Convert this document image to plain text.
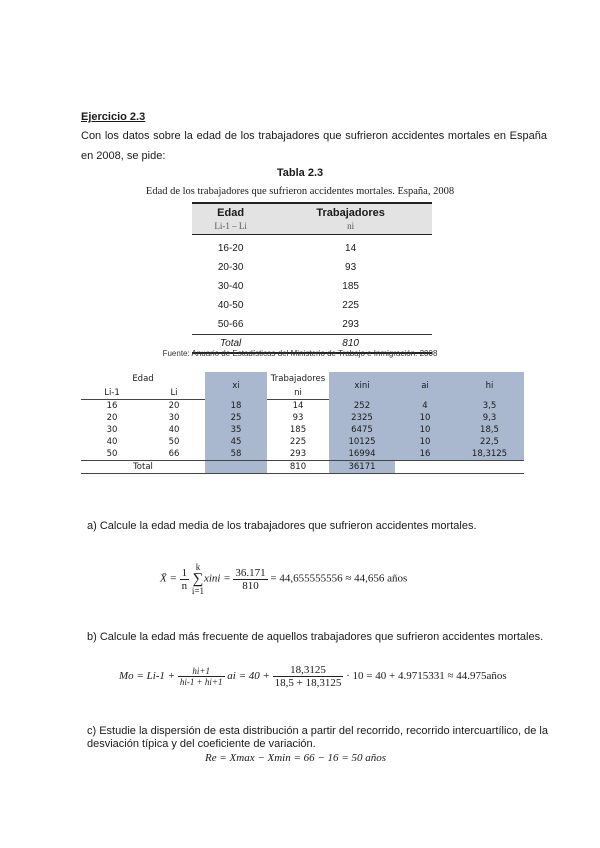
Ejercicio 2.3
Con los datos sobre la edad de los trabajadores que sufrieron accidentes mortales en España en 2008, se pide:
Tabla 2.3
Edad de los trabajadores que sufrieron accidentes mortales. España, 2008
Edad	Trabajadores
Li-1 – Li	ni

16-20	14
20-30	93
30-40	185
40-50	225
50-66	293
Total	810
Fuente: Anuario de Estadísticas del Ministerio de Trabajo e Inmigración. 2008
Edad		xi	Trabajadores	xini	ai	hi
Li-1	Li		ni			
16	20	18	14	252	4	3,5
20	30	25	93	2325	10	9,3
30	40	35	185	6475	10	18,5
40	50	45	225	10125	10	22,5
50	66	58	293	16994	16	18,3125
Total			810	36171		
a) Calcule la edad media de los trabajadores que sufrieron accidentes mortales.
X̄ = $\frac{1}{n}$
k
∑
i=1
xini = $\frac{36.171}{810} = 44,655555556 \approx 44,656$ años
b) Calcule la edad más frecuente de aquellos trabajadores que sufrieron accidentes mortales.
$Mo = Li-1 + \frac{hi+1}{hi-1 + hi+1}$ ai = $40 + \frac{18,3125}{18,5 + 18,3125} \cdot 10 = 40 + 4.9715331$ ≈ 44.975años
c) Estudie la dispersión de esta distribución a partir del recorrido, recorrido intercuartílico, de la desviación típica y del coeficiente de variación.
Re = Xmax − Xmin = 66 − 16 = 50 años
